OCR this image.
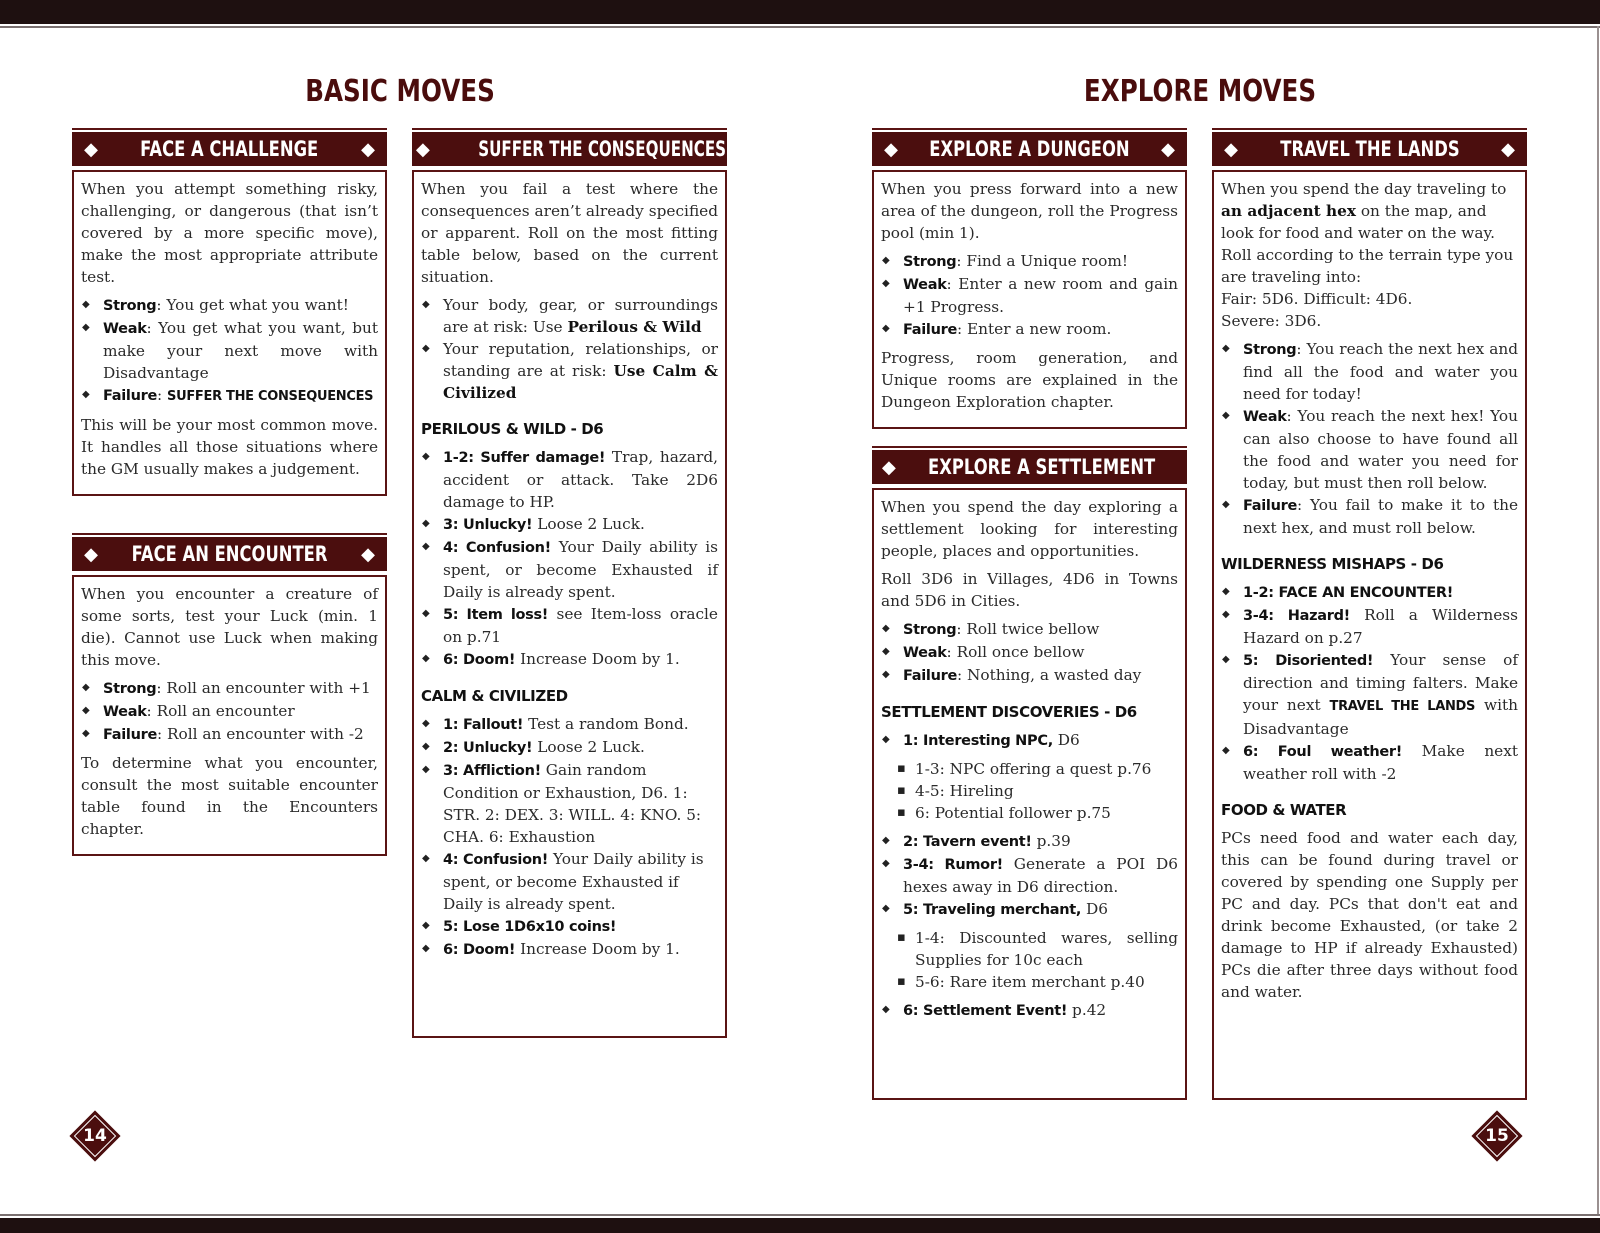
BASIC MOVES
◆ FACE A CHALLENGE ◆

When you attempt something risky, challenging, or dangerous (that isn’t covered by a more specific move), make the most appropriate attribute test.

◆ Strong: You get what you want!
◆ Weak: You get what you want, but make your next move with Disadvantage
◆ Failure: SUFFER THE CONSEQUENCES

This will be your most common move. It handles all those situations where the GM usually makes a judgement.

◆ FACE AN ENCOUNTER ◆

When you encounter a creature of some sorts, test your Luck (min. 1 die). Cannot use Luck when making this move.

◆ Strong: Roll an encounter with +1
◆ Weak: Roll an encounter
◆ Failure: Roll an encounter with -2

To determine what you encounter, consult the most suitable encounter table found in the Encounters chapter.

◆ SUFFER THE CONSEQUENCES	◆

When you fail a test where the consequences aren’t already specified or apparent. Roll on the most fitting table below, based on the current situation.

◆ Your body, gear, or surroundings are at risk: Use Perilous & Wild
◆ Your reputation, relationships, or standing are at risk: Use Calm & Civilized
PERILOUS & WILD - D6
◆ 1-2: Suffer damage! Trap, hazard, accident or attack. Take 2D6 damage to HP.
◆ 3: Unlucky! Loose 2 Luck.
◆ 4: Confusion! Your Daily ability is spent, or become Exhausted if Daily is already spent.
◆ 5: Item loss! see Item-loss oracle on p.71
◆ 6: Doom! Increase Doom by 1.
CALM & CIVILIZED
◆ 1: Fallout! Test a random Bond.
◆ 2: Unlucky! Loose 2 Luck.
◆ 3: Affliction! Gain random Condition or Exhaustion, D6. 1: STR. 2: DEX. 3: WILL. 4: KNO. 5: CHA. 6: Exhaustion
◆ 4: Confusion! Your Daily ability is spent, or become Exhausted if Daily is already spent.
◆ 5: Lose 1D6x10 coins!
◆ 6: Doom! Increase Doom by 1.
14
EXPLORE MOVES
◆ EXPLORE A DUNGEON ◆

When you press forward into a new area of the dungeon, roll the Progress pool (min 1).

◆ Strong: Find a Unique room!
◆ Weak: Enter a new room and gain +1 Progress.
◆ Failure: Enter a new room.

Progress, room generation, and Unique rooms are explained in the Dungeon Exploration chapter.

◆ EXPLORE A SETTLEMENT ◆

When you spend the day exploring a settlement looking for interesting people, places and opportunities.

Roll 3D6 in Villages, 4D6 in Towns and 5D6 in Cities.

◆ Strong: Roll twice bellow
◆ Weak: Roll once bellow
◆ Failure: Nothing, a wasted day
SETTLEMENT DISCOVERIES - D6
◆ 1: Interesting NPC, D6
▪ 1-3: NPC offering a quest p.76
▪ 4-5: Hireling
▪ 6: Potential follower p.75
◆ 2: Tavern event! p.39
◆ 3-4: Rumor! Generate a POI D6 hexes away in D6 direction.
◆ 5: Traveling merchant, D6
▪ 1-4: Discounted wares, selling Supplies for 10c each
▪ 5-6: Rare item merchant p.40
◆ 6: Settlement Event! p.42
◆ TRAVEL THE LANDS ◆

When you spend the day traveling to an adjacent hex on the map, and look for food and water on the way. Roll according to the terrain type you are traveling into:

Fair: 5D6. Difficult: 4D6.

Severe: 3D6.

◆ Strong: You reach the next hex and find all the food and water you need for today!
◆ Weak: You reach the next hex! You can also choose to have found all the food and water you need for today, but must then roll below.
◆ Failure: You fail to make it to the next hex, and must roll below.
WILDERNESS MISHAPS - D6
◆ 1-2: FACE AN ENCOUNTER!
◆ 3-4: Hazard! Roll a Wilderness Hazard on p.27
◆ 5: Disoriented! Your sense of direction and timing falters. Make your next TRAVEL THE LANDS with Disadvantage
◆ 6: Foul weather! Make next weather roll with -2
FOOD & WATER

PCs need food and water each day, this can be found during travel or covered by spending one Supply per PC and day. PCs that don't eat and drink become Exhausted, (or take 2 damage to HP if already Exhausted) PCs die after three days without food and water.

15
